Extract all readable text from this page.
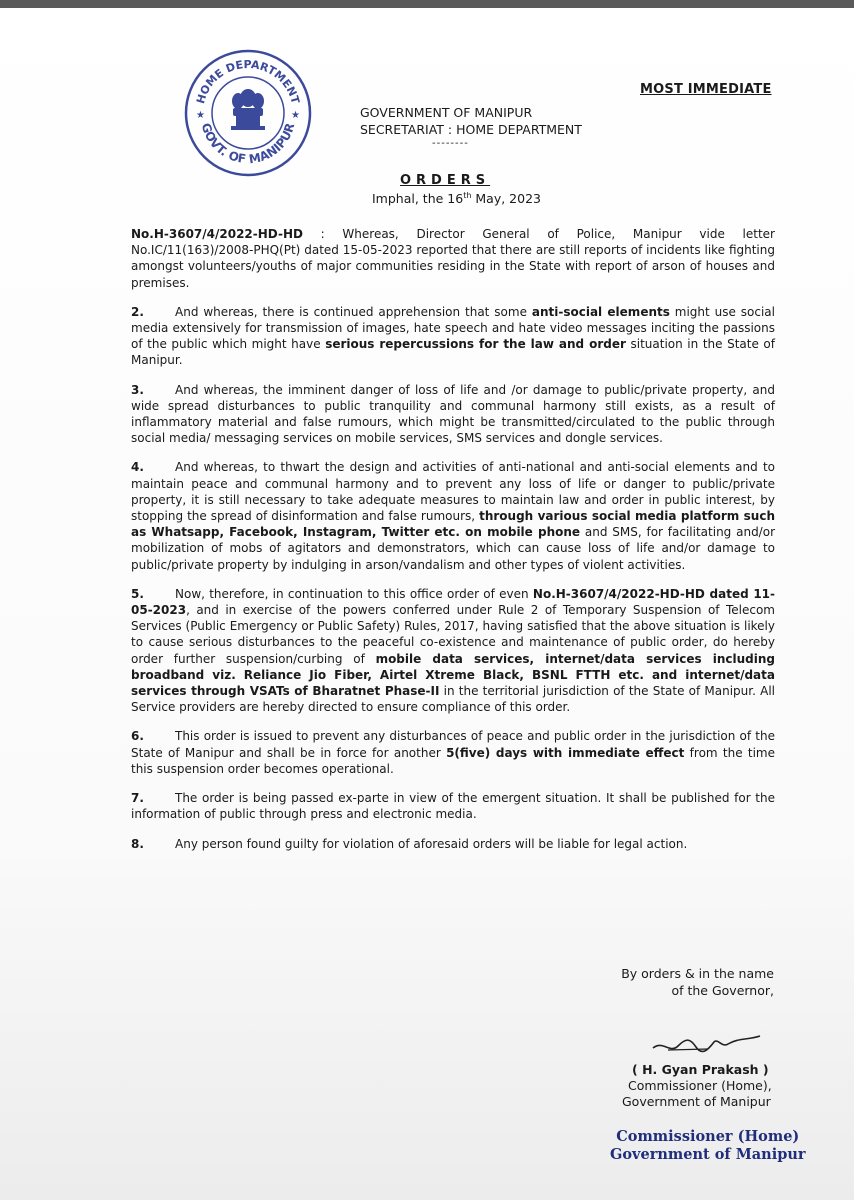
HOME DEPARTMENT
GOVT. OF MANIPUR
★	★
MOST IMMEDIATE
GOVERNMENT OF MANIPUR
SECRETARIAT : HOME DEPARTMENT
--------
ORDERS
Imphal, the 16th May, 2023

No.H-3607/4/2022-HD-HD : Whereas, Director General of Police, Manipur vide letter No.IC/11(163)/2008-PHQ(Pt) dated 15-05-2023 reported that there are still reports of incidents like fighting amongst volunteers/youths of major communities residing in the State with report of arson of houses and premises.

2.	And whereas, there is continued apprehension that some anti-social elements might use social media extensively for transmission of images, hate speech and hate video messages inciting the passions of the public which might have serious repercussions for the law and order situation in the State of Manipur.

3.	And whereas, the imminent danger of loss of life and /or damage to public/private property, and wide spread disturbances to public tranquility and communal harmony still exists, as a result of inflammatory material and false rumours, which might be transmitted/circulated to the public through social media/ messaging services on mobile services, SMS services and dongle services.

4.	And whereas, to thwart the design and activities of anti-national and anti-social elements and to maintain peace and communal harmony and to prevent any loss of life or danger to public/private property, it is still necessary to take adequate measures to maintain law and order in public interest, by stopping the spread of disinformation and false rumours, through various social media platform such as Whatsapp, Facebook, Instagram, Twitter etc. on mobile phone and SMS, for facilitating and/or mobilization of mobs of agitators and demonstrators, which can cause loss of life and/or damage to public/private property by indulging in arson/vandalism and other types of violent activities.

5.	Now, therefore, in continuation to this office order of even No.H-3607/4/2022-HD-HD dated 11-05-2023, and in exercise of the powers conferred under Rule 2 of Temporary Suspension of Telecom Services (Public Emergency or Public Safety) Rules, 2017, having satisfied that the above situation is likely to cause serious disturbances to the peaceful co-existence and maintenance of public order, do hereby order further suspension/curbing of mobile data services, internet/data services including broadband viz. Reliance Jio Fiber, Airtel Xtreme Black, BSNL FTTH etc. and internet/data services through VSATs of Bharatnet Phase-II in the territorial jurisdiction of the State of Manipur. All Service providers are hereby directed to ensure compliance of this order.

6.	This order is issued to prevent any disturbances of peace and public order in the jurisdiction of the State of Manipur and shall be in force for another 5(five) days with immediate effect from the time this suspension order becomes operational.

7.	The order is being passed ex-parte in view of the emergent situation. It shall be published for the information of public through press and electronic media.

8.	Any person found guilty for violation of aforesaid orders will be liable for legal action.

By orders & in the name
of the Governor,
( H. Gyan Prakash )
Commissioner (Home),
Government of Manipur
Commissioner (Home)
Government of Manipur
